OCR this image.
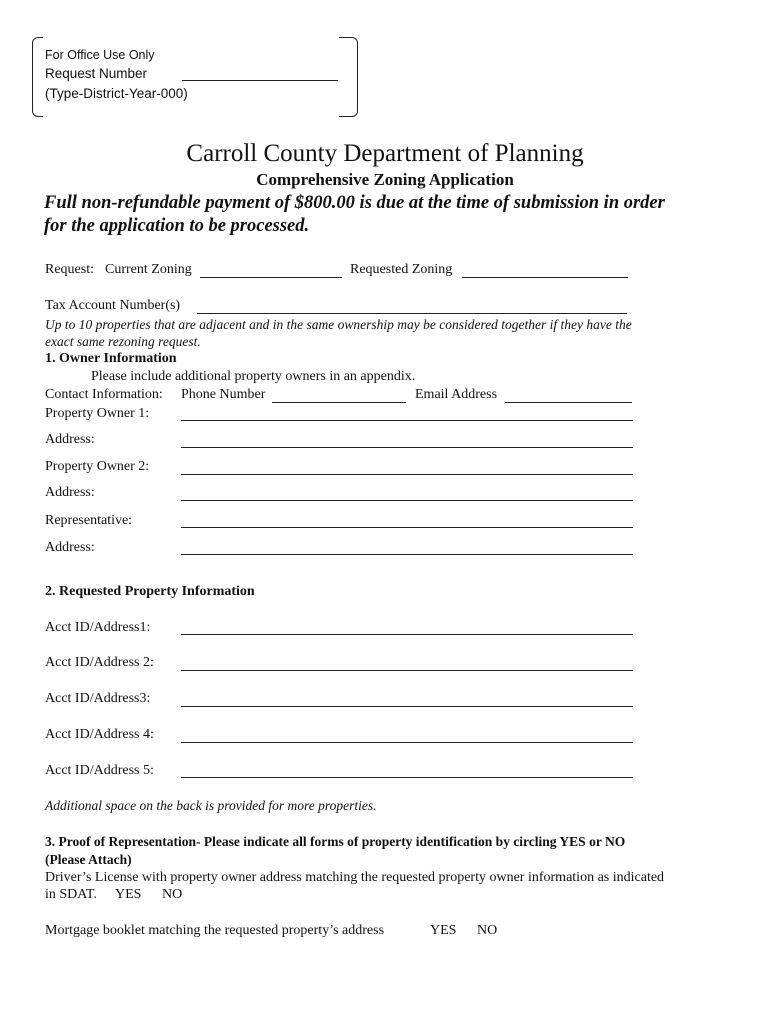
For Office Use Only
Request Number
(Type-District-Year-000)
Carroll County Department of Planning
Comprehensive Zoning Application
Full non-refundable payment of $800.00 is due at the time of submission in order
for the application to be processed.
Request: Current Zoning	Requested Zoning
Tax Account Number(s)
Up to 10 properties that are adjacent and in the same ownership may be considered together if they have the
exact same rezoning request.
1. Owner Information
Please include additional property owners in an appendix.
Contact Information: Phone Number	Email Address
Property Owner 1:
Address:
Property Owner 2:
Address:
Representative:
Address:
2. Requested Property Information
Acct ID/Address1:
Acct ID/Address 2:
Acct ID/Address3:
Acct ID/Address 4:
Acct ID/Address 5:
Additional space on the back is provided for more properties.
3. Proof of Representation- Please indicate all forms of property identification by circling YES or NO
(Please Attach)
Driver’s License with property owner address matching the requested property owner information as indicated
in SDAT. YES NO
Mortgage booklet matching the requested property’s address	YES NO
